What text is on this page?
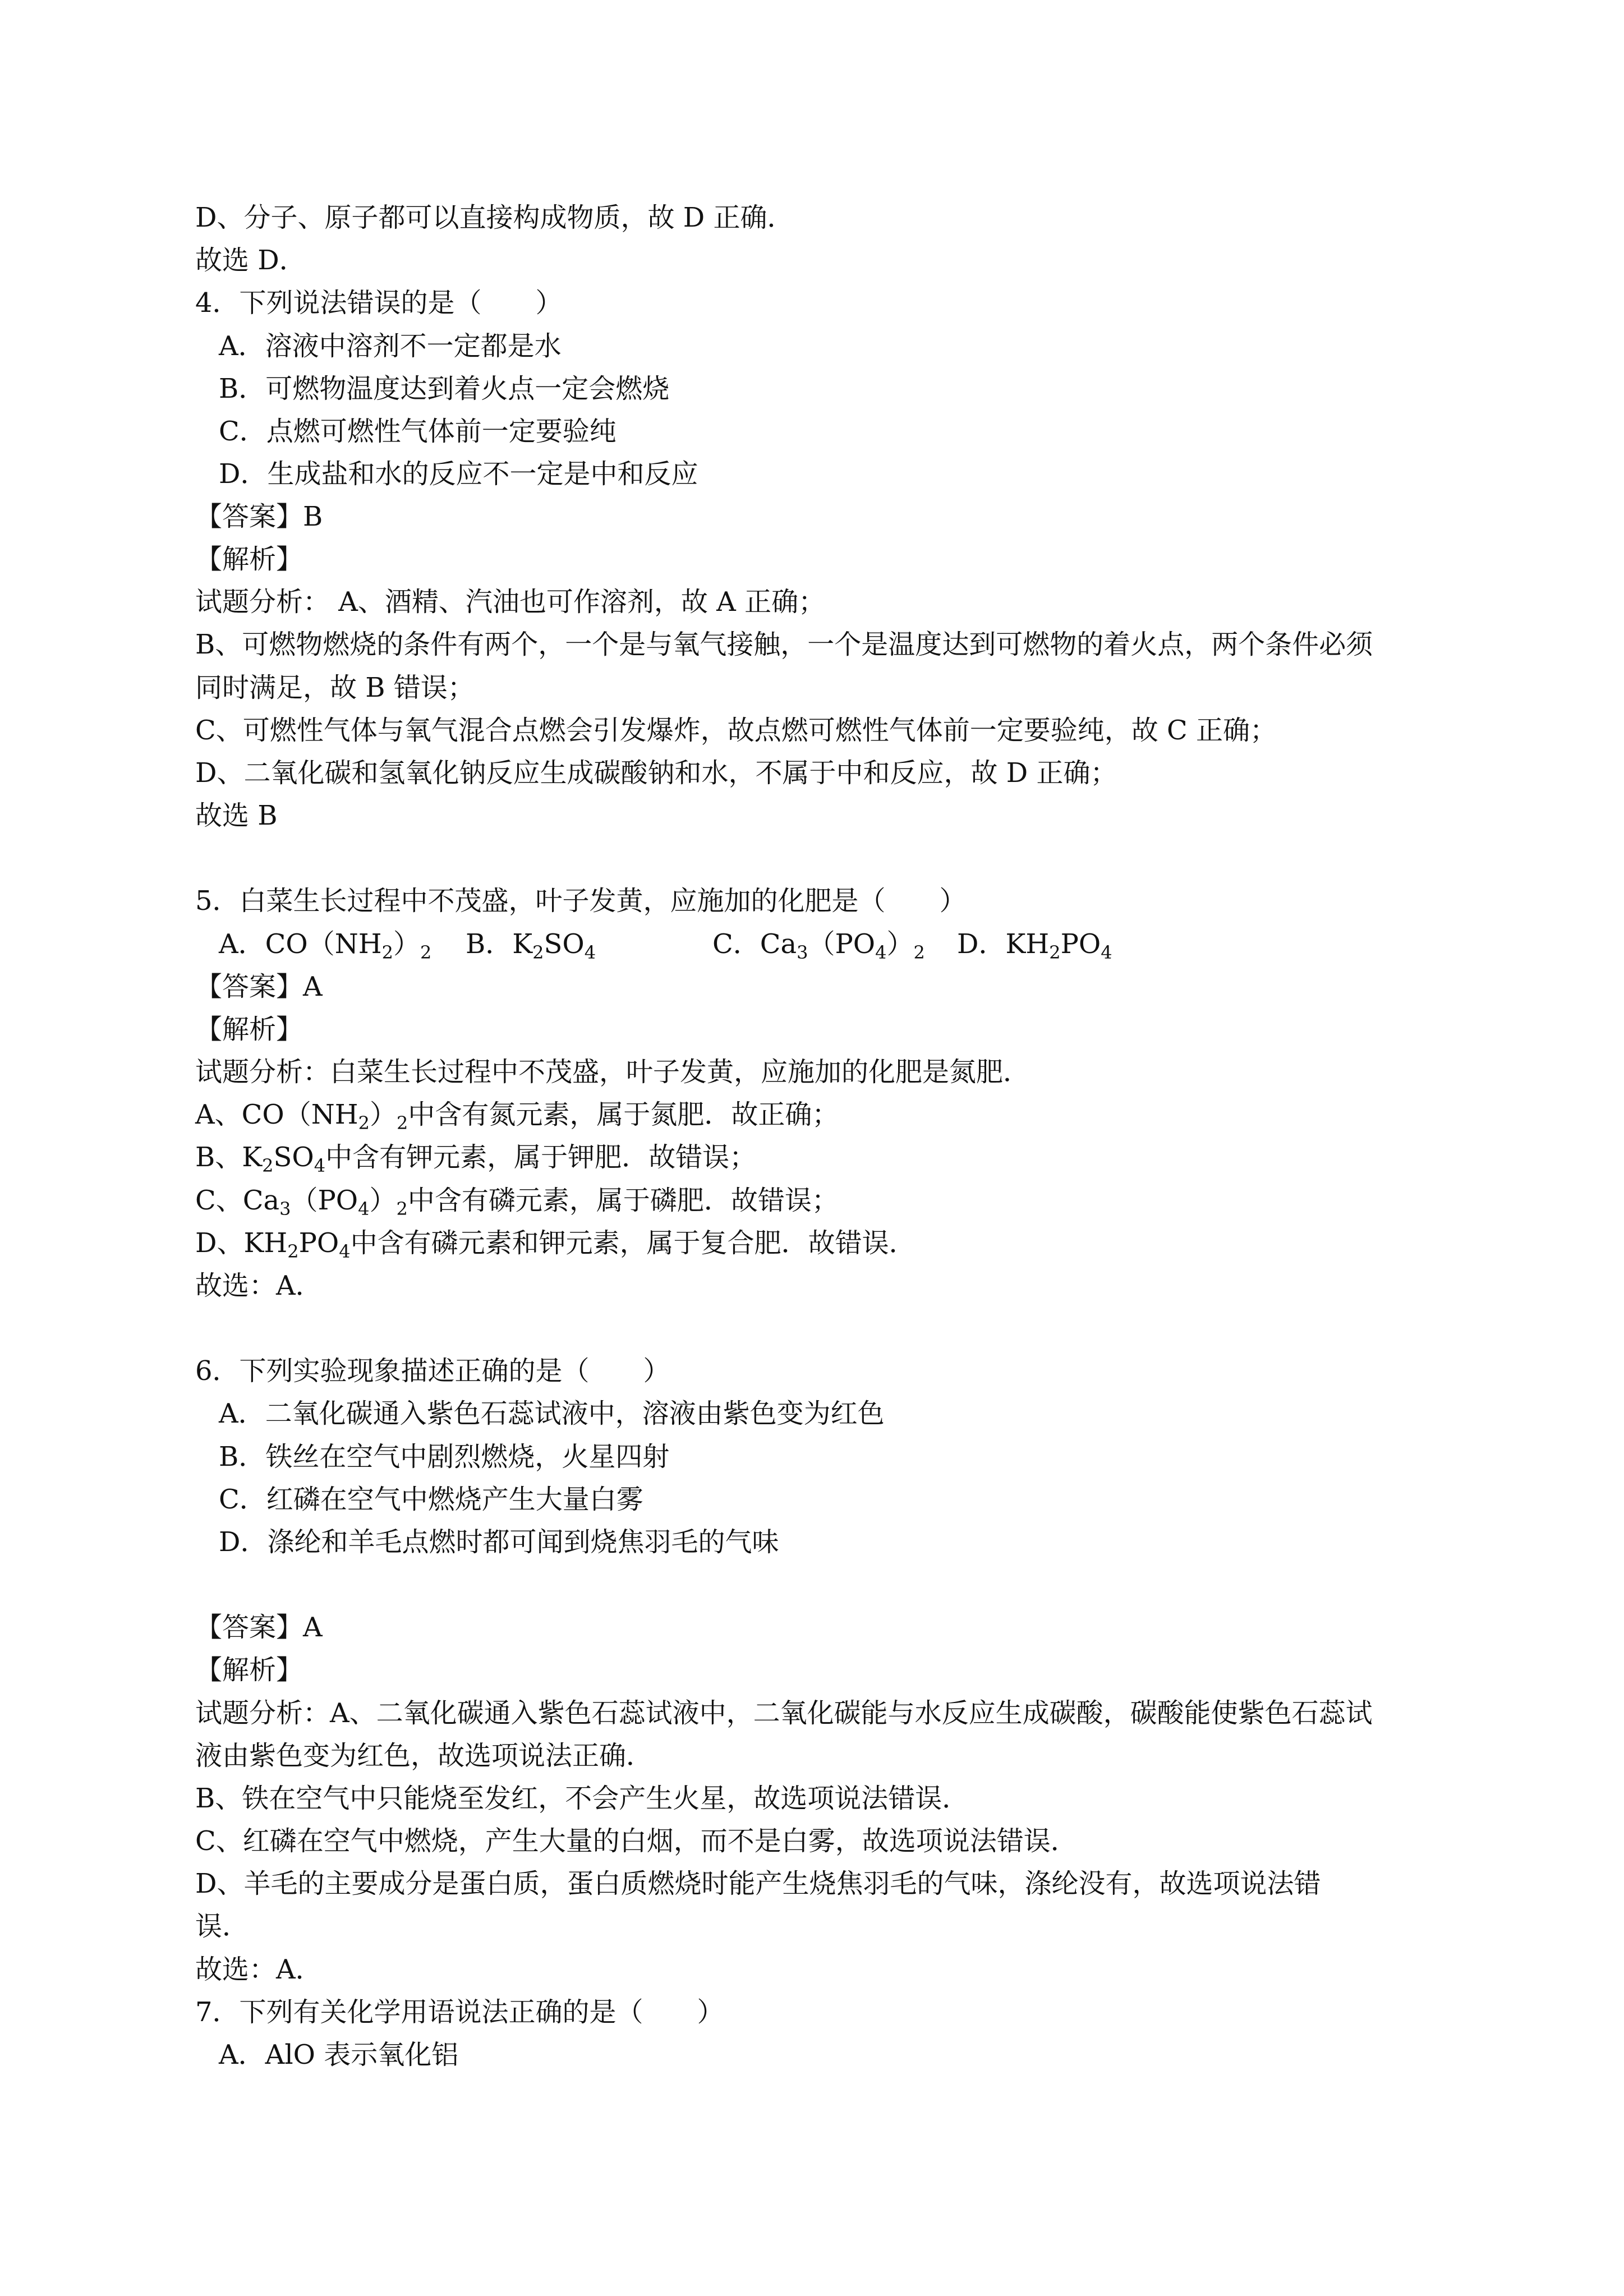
D、分子、原子都可以直接构成物质，故 D 正确．
故选 D．
4．下列说法错误的是（　　）
A．溶液中溶剂不一定都是水
B．可燃物温度达到着火点一定会燃烧
C．点燃可燃性气体前一定要验纯
D．生成盐和水的反应不一定是中和反应
【答案】B
【解析】
试题分析： A、酒精、汽油也可作溶剂，故 A 正确；
B、可燃物燃烧的条件有两个，一个是与氧气接触，一个是温度达到可燃物的着火点，两个条件必须
同时满足，故 B 错误；
C、可燃性气体与氧气混合点燃会引发爆炸，故点燃可燃性气体前一定要验纯，故 C 正确；
D、二氧化碳和氢氧化钠反应生成碳酸钠和水，不属于中和反应，故 D 正确；
故选 B
5．白菜生长过程中不茂盛，叶子发黄，应施加的化肥是（　　）
A．$CO(NH_2)_2$ B．$K_2SO_4$	C．$Ca_3(PO_4)_2$ D．$KH_2PO_4$
【答案】A
【解析】
试题分析：白菜生长过程中不茂盛，叶子发黄，应施加的化肥是氮肥．
A、$CO(NH_2)_2$中含有氮元素，属于氮肥．故正确；
B、$K_2SO_4$中含有钾元素，属于钾肥．故错误；
C、$Ca_3(PO_4)_2$中含有磷元素，属于磷肥．故错误；
D、$KH_2PO_4$中含有磷元素和钾元素，属于复合肥．故错误．
故选：A．
6．下列实验现象描述正确的是（　　）
A．二氧化碳通入紫色石蕊试液中，溶液由紫色变为红色
B．铁丝在空气中剧烈燃烧，火星四射
C．红磷在空气中燃烧产生大量白雾
D．涤纶和羊毛点燃时都可闻到烧焦羽毛的气味
【答案】A
【解析】
试题分析：A、二氧化碳通入紫色石蕊试液中，二氧化碳能与水反应生成碳酸，碳酸能使紫色石蕊试
液由紫色变为红色，故选项说法正确．
B、铁在空气中只能烧至发红，不会产生火星，故选项说法错误．
C、红磷在空气中燃烧，产生大量的白烟，而不是白雾，故选项说法错误．
D、羊毛的主要成分是蛋白质，蛋白质燃烧时能产生烧焦羽毛的气味，涤纶没有，故选项说法错
误．
故选：A．
7．下列有关化学用语说法正确的是（　　）
A．AlO 表示氧化铝
